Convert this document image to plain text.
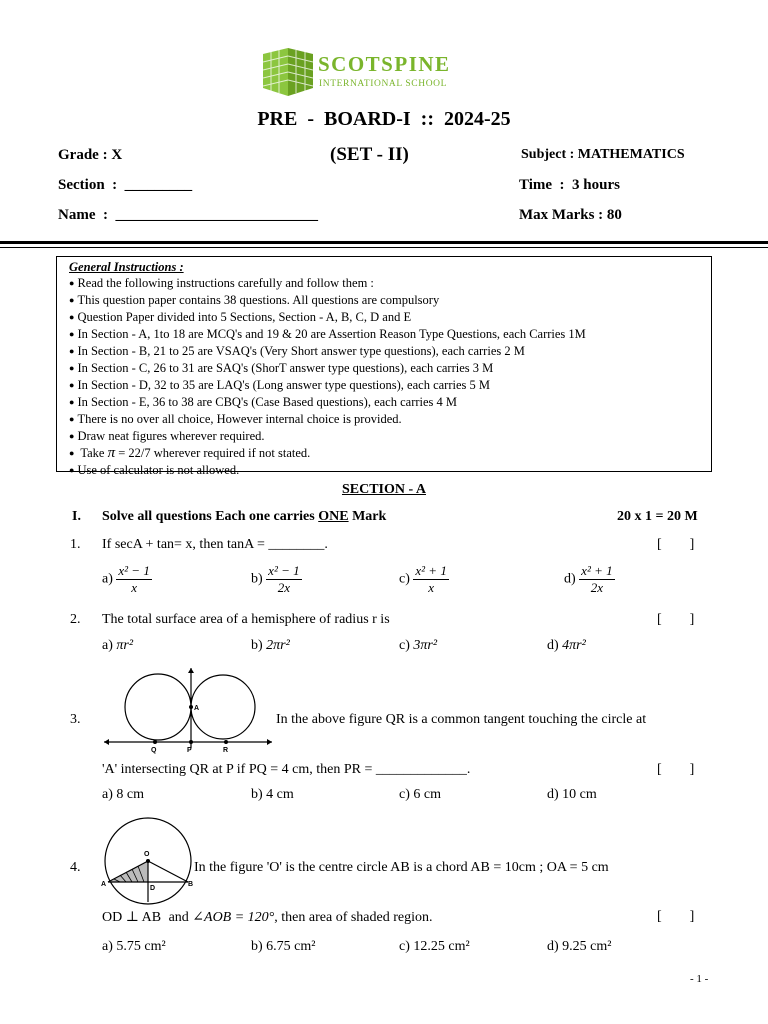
SCOTSPINE
INTERNATIONAL SCHOOL
PRE  -  BOARD-I  ::  2024-25
Grade : X	(SET - II)	Subject : MATHEMATICS
Section  :  _________	Time  :  3 hours
Name  :  ___________________________	Max Marks : 80
General Instructions :
● Read the following instructions carefully and follow them :
● This question paper contains 38 questions. All questions are compulsory
● Question Paper divided into 5 Sections, Section - A, B, C, D and E
● In Section - A, 1to 18 are MCQ's and 19 & 20 are Assertion Reason Type Questions, each Carries 1M
● In Section - B, 21 to 25 are VSAQ's (Very Short answer type questions), each carries 2 M
● In Section - C, 26 to 31 are SAQ's (ShorT answer type questions), each carries 3 M
● In Section - D, 32 to 35 are LAQ's (Long answer type questions), each carries 5 M
● In Section - E, 36 to 38 are CBQ's (Case Based questions), each carries 4 M
● There is no over all choice, However internal choice is provided.
● Draw neat figures wherever required.
● Take π = 22/7 wherever required if not stated.
● Use of calculator is not allowed.
SECTION - A
I. Solve all questions Each one carries ONE Mark	20 x 1 = 20 M
1. If secA + tan= x, then tanA = ________.	[        ]
$a) \frac{\text{x² − 1}}{x}$	$b) \frac{\text{x² − 1}}{2x}$	$c) \frac{\text{x² + 1}}{x}$	$d) \frac{\text{x² + 1}}{2x}$
2. The total surface area of a hemisphere of radius r is	[        ]
a) πr²	b) 2πr²	c) 3πr²	d) 4πr²
A
Q	P	R
3.	In the above figure QR is a common tangent touching the circle at
'A' intersecting QR at P if PQ = 4 cm, then PR = _____________.	[        ]
a) 8 cm	b) 4 cm	c) 6 cm	d) 10 cm
O
A	B
D
4.	In the figure 'O' is the centre circle AB is a chord AB = 10cm ; OA = 5 cm
OD ⊥ AB and ∠AOB = 120°, then area of shaded region.	[        ]
a) 5.75 cm²	b) 6.75 cm²	c) 12.25 cm²	d) 9.25 cm²
- 1 -
